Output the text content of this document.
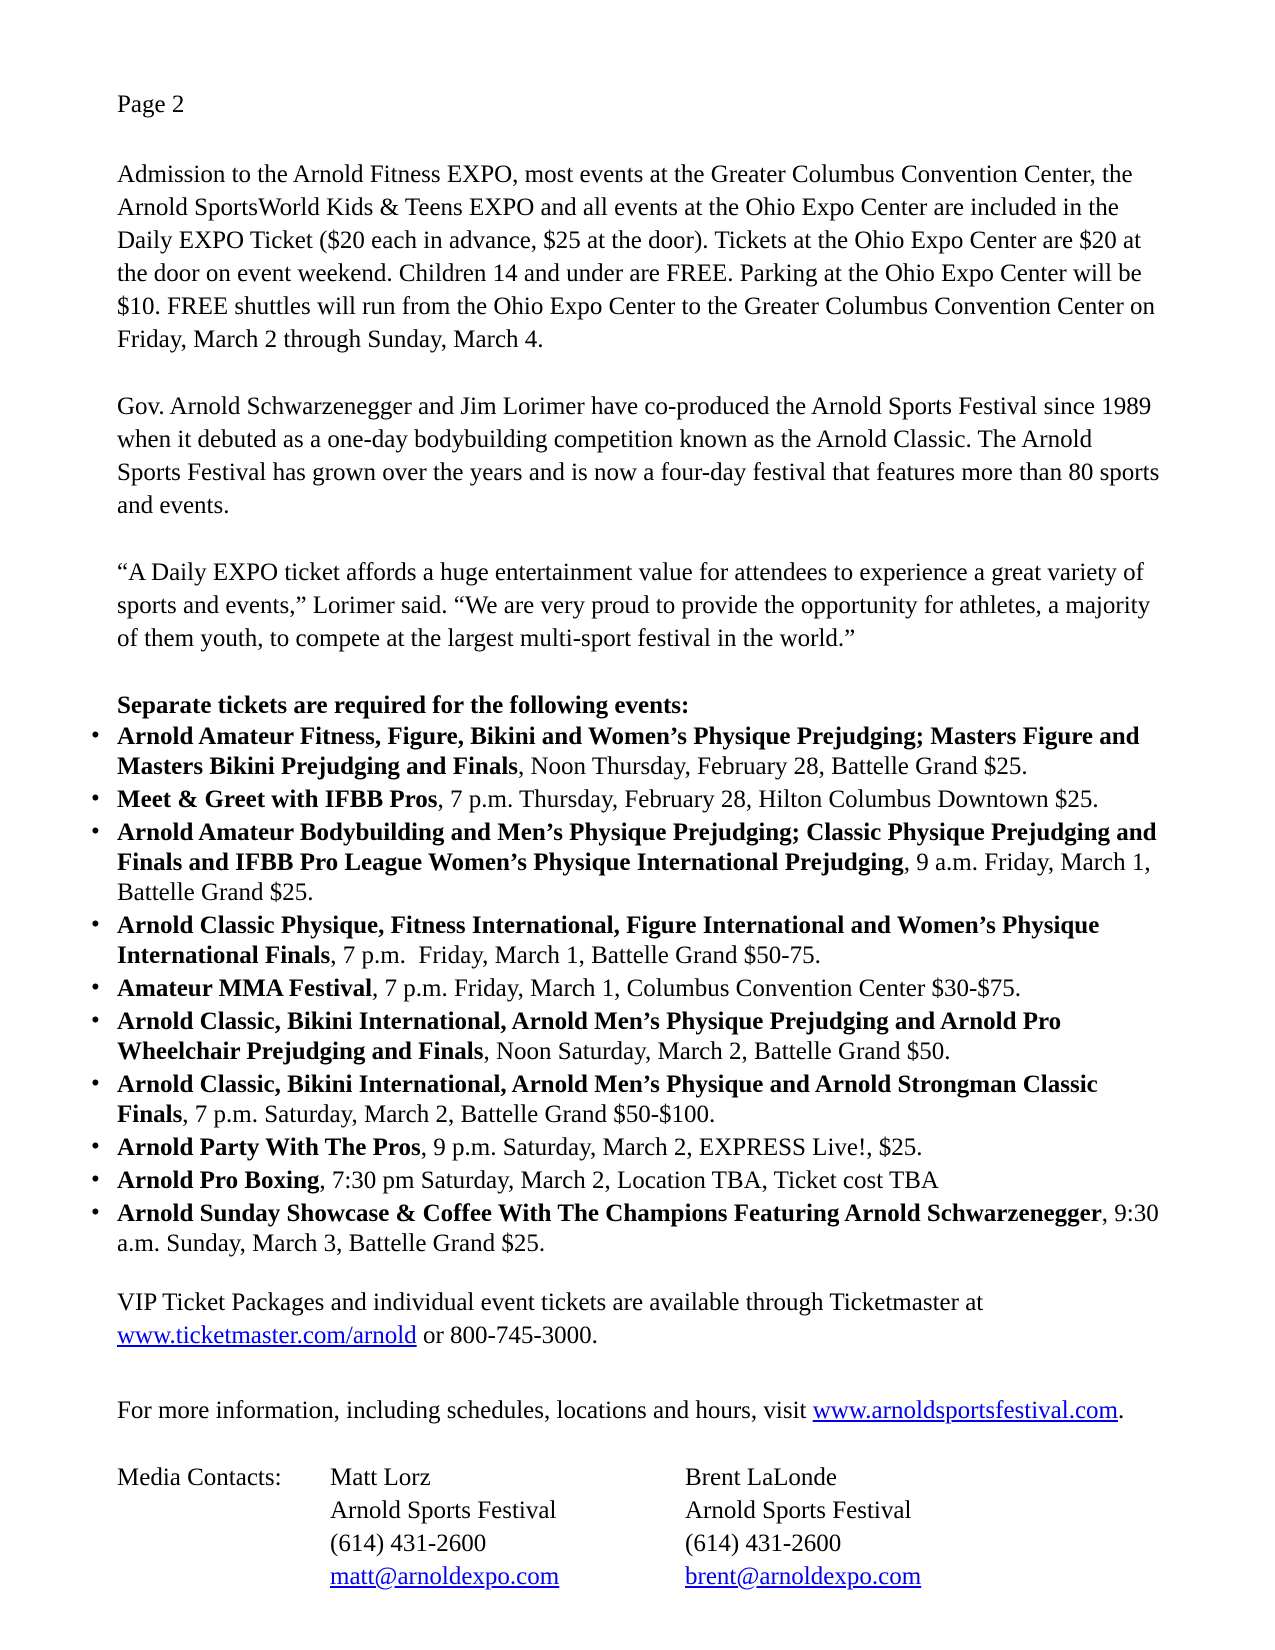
Page 2

Admission to the Arnold Fitness EXPO, most events at the Greater Columbus Convention Center, the Arnold SportsWorld Kids & Teens EXPO and all events at the Ohio Expo Center are included in the Daily EXPO Ticket ($20 each in advance, $25 at the door). Tickets at the Ohio Expo Center are $20 at the door on event weekend. Children 14 and under are FREE. Parking at the Ohio Expo Center will be $10. FREE shuttles will run from the Ohio Expo Center to the Greater Columbus Convention Center on Friday, March 2 through Sunday, March 4.

Gov. Arnold Schwarzenegger and Jim Lorimer have co-produced the Arnold Sports Festival since 1989 when it debuted as a one-day bodybuilding competition known as the Arnold Classic. The Arnold Sports Festival has grown over the years and is now a four-day festival that features more than 80 sports and events.

“A Daily EXPO ticket affords a huge entertainment value for attendees to experience a great variety of sports and events,” Lorimer said. “We are very proud to provide the opportunity for athletes, a majority of them youth, to compete at the largest multi-sport festival in the world.”

Separate tickets are required for the following events:

• Arnold Amateur Fitness, Figure, Bikini and Women’s Physique Prejudging; Masters Figure and Masters Bikini Prejudging and Finals, Noon Thursday, February 28, Battelle Grand $25.
• Meet & Greet with IFBB Pros, 7 p.m. Thursday, February 28, Hilton Columbus Downtown $25.
• Arnold Amateur Bodybuilding and Men’s Physique Prejudging; Classic Physique Prejudging and Finals and IFBB Pro League Women’s Physique International Prejudging, 9 a.m. Friday, March 1, Battelle Grand $25.
• Arnold Classic Physique, Fitness International, Figure International and Women’s Physique International Finals, 7 p.m.  Friday, March 1, Battelle Grand $50-75.
• Amateur MMA Festival, 7 p.m. Friday, March 1, Columbus Convention Center $30-$75.
• Arnold Classic, Bikini International, Arnold Men’s Physique Prejudging and Arnold Pro Wheelchair Prejudging and Finals, Noon Saturday, March 2, Battelle Grand $50.
• Arnold Classic, Bikini International, Arnold Men’s Physique and Arnold Strongman Classic Finals, 7 p.m. Saturday, March 2, Battelle Grand $50-$100.
• Arnold Party With The Pros, 9 p.m. Saturday, March 2, EXPRESS Live!, $25.
• Arnold Pro Boxing, 7:30 pm Saturday, March 2, Location TBA, Ticket cost TBA
• Arnold Sunday Showcase & Coffee With The Champions Featuring Arnold Schwarzenegger, 9:30 a.m. Sunday, March 3, Battelle Grand $25.

VIP Ticket Packages and individual event tickets are available through Ticketmaster at www.ticketmaster.com/arnold or 800-745-3000.

For more information, including schedules, locations and hours, visit www.arnoldsportsfestival.com.

Media Contacts:	Matt Lorz
Arnold Sports Festival
(614) 431-2600
matt@arnoldexpo.com
Brent LaLonde
Arnold Sports Festival
(614) 431-2600
brent@arnoldexpo.com
